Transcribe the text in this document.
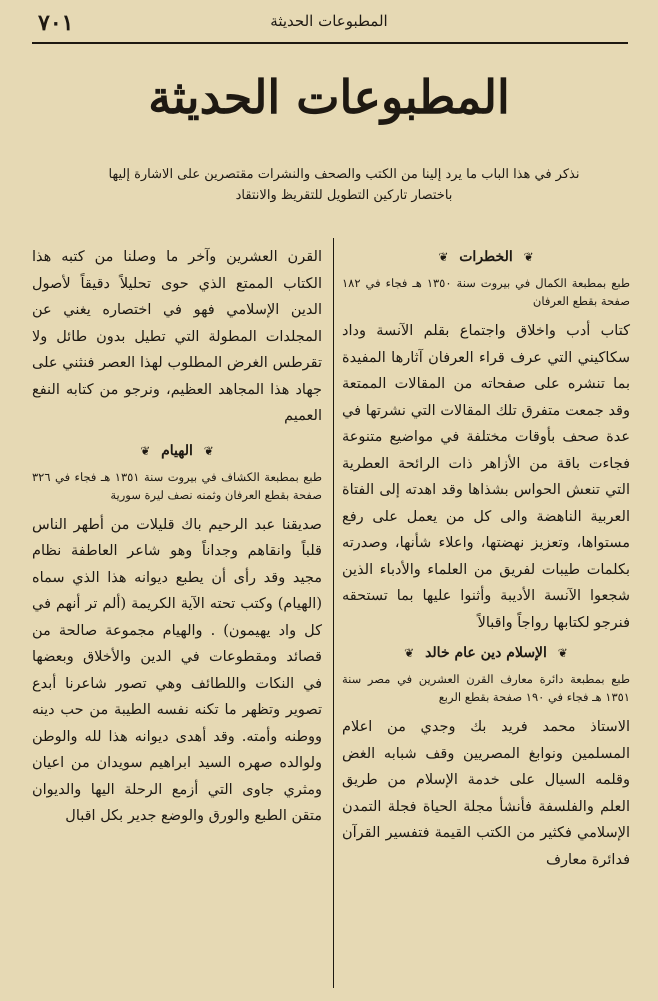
٧٠١	المطبوعات الحديثة
المطبوعات الحديثة
نذكر في هذا الباب ما يرد إلينا من الكتب والصحف والنشرات مقتصرين على الاشارة إليها
باختصار تاركين التطويل للتقريظ والانتقاد
❦ الخطرات ❦
طبع بمطبعة الكمال في بيروت سنة ١٣٥٠ هـ فجاء في ١٨٢ صفحة بقطع العرفان

كتاب أدب واخلاق واجتماع بقلم الآنسة وداد سكاكيني التي عرف قراء العرفان آثارها المفيدة بما تنشره على صفحاته من المقالات الممتعة وقد جمعت متفرق تلك المقالات التي نشرتها في عدة صحف بأوقات مختلفة في مواضيع متنوعة فجاءت باقة من الأزاهر ذات الرائحة العطرية التي تنعش الحواس بشذاها وقد اهدته إلى الفتاة العربية الناهضة والى كل من يعمل على رفع مستواها، وتعزيز نهضتها، واعلاء شأنها، وصدرته بكلمات طيبات لفريق من العلماء والأدباء الذين شجعوا الآنسة الأديبة وأثنوا عليها بما تستحقه فنرجو لكتابها رواجاً واقبالاً

❦ الإسلام دين عام خالد ❦
طبع بمطبعة دائرة معارف القرن العشرين في مصر سنة ١٣٥١ هـ فجاء في ١٩٠ صفحة بقطع الربع

الاستاذ محمد فريد بك وجدي من اعلام المسلمين ونوابغ المصريين وقف شبابه الغض وقلمه السيال على خدمة الإسلام من طريق العلم والفلسفة فأنشأ مجلة الحياة فجلة التمدن الإسلامي فكثير من الكتب القيمة فتفسير القرآن فدائرة معارف

القرن العشرين وآخر ما وصلنا من كتبه هذا الكتاب الممتع الذي حوى تحليلاً دقيقاً لأصول الدين الإسلامي فهو في اختصاره يغني عن المجلدات المطولة التي تطيل بدون طائل ولا تقرطس الغرض المطلوب لهذا العصر فنثني على جهاد هذا المجاهد العظيم، ونرجو من كتابه النفع العميم

❦ الهيام ❦
طبع بمطبعة الكشاف في بيروت سنة ١٣٥١ هـ فجاء في ٣٢٦ صفحة بقطع العرفان وثمنه نصف ليرة سورية

صديقنا عبد الرحيم باك قليلات من أطهر الناس قلباً وانقاهم وجداناً وهو شاعر العاطفة نظام مجيد وقد رأى أن يطبع ديوانه هذا الذي سماه (الهيام) وكتب تحته الآية الكريمة (ألم تر أنهم في كل واد يهيمون) . والهيام مجموعة صالحة من قصائد ومقطوعات في الدين والأخلاق وبعضها في النكات واللطائف وهي تصور شاعرنا أبدع تصوير وتظهر ما تكنه نفسه الطيبة من حب دينه ووطنه وأمته. وقد أهدى ديوانه هذا لله والوطن ولوالده صهره السيد ابراهيم سويدان من اعيان ومثري جاوى التي أزمع الرحلة اليها والديوان متقن الطبع والورق والوضع جدير بكل اقبال
